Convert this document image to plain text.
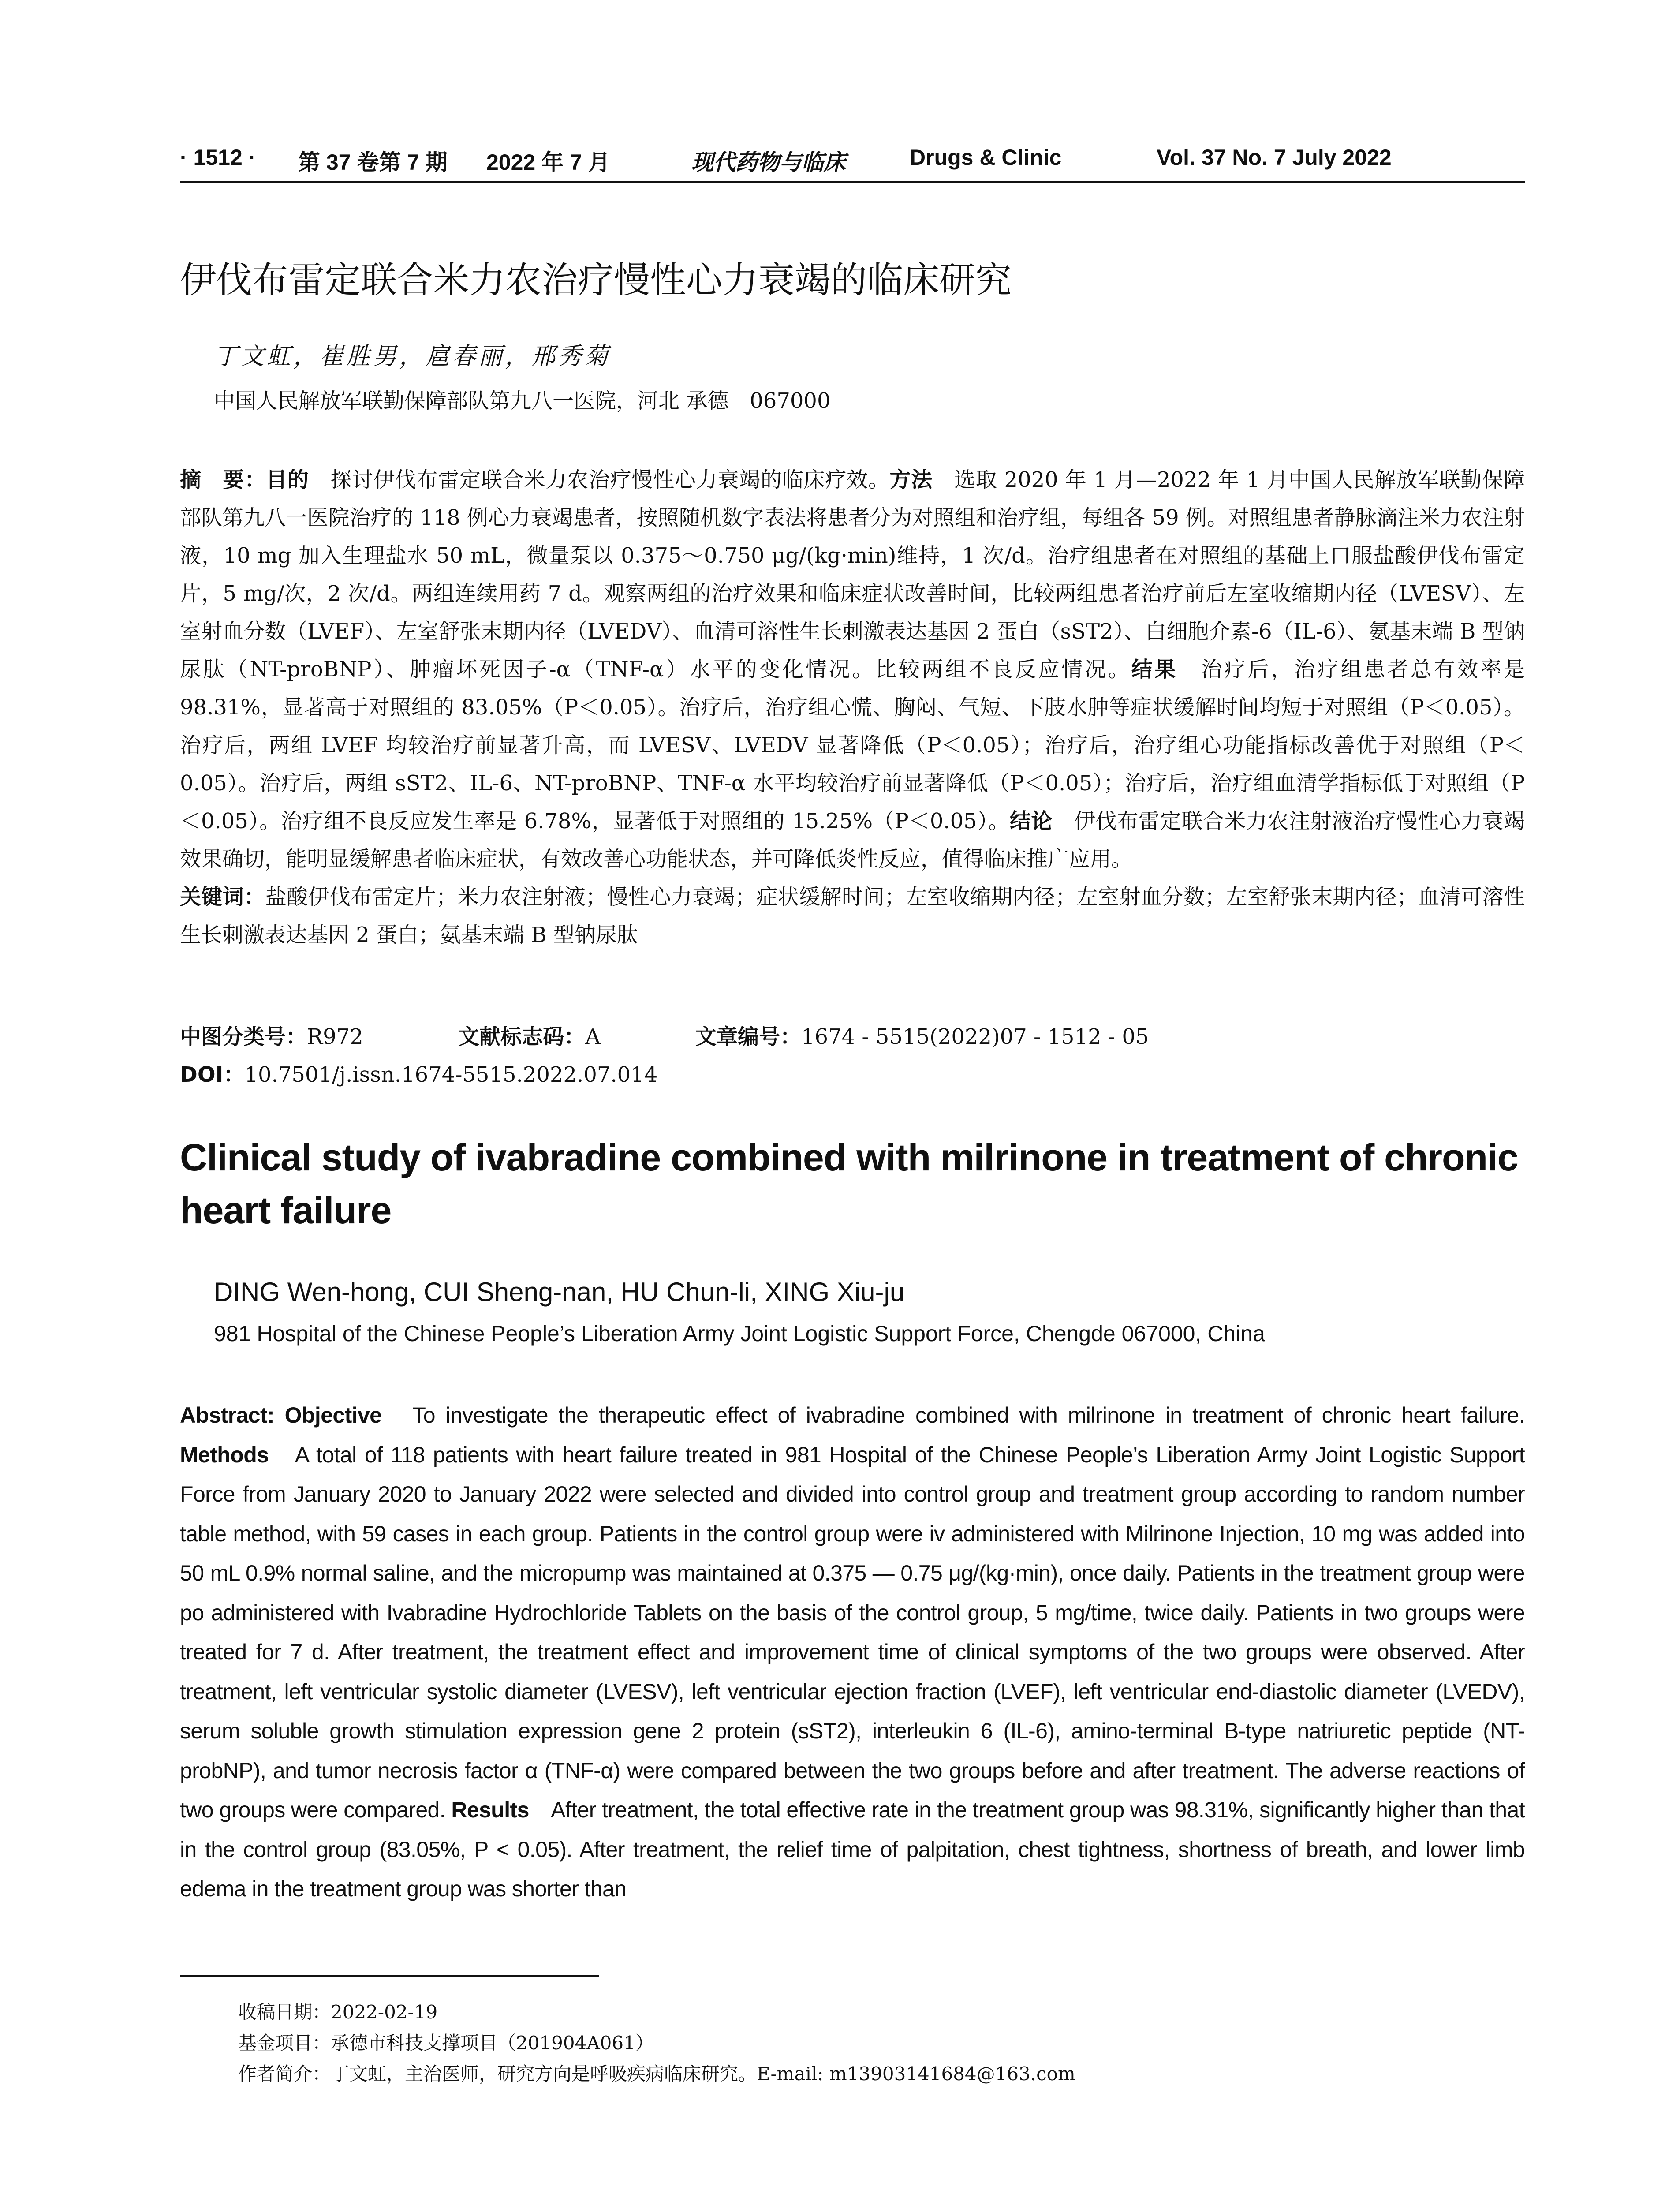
· 1512 · 第 37 卷第 7 期 2022 年 7 月	现代药物与临床	Drugs & Clinic	Vol. 37 No. 7 July 2022
伊伐布雷定联合米力农治疗慢性心力衰竭的临床研究
丁文虹，崔胜男，扈春丽，邢秀菊
中国人民解放军联勤保障部队第九八一医院，河北 承德　067000
摘　要：目的　探讨伊伐布雷定联合米力农治疗慢性心力衰竭的临床疗效。方法　选取 2020 年 1 月—2022 年 1 月中国人民解放军联勤保障部队第九八一医院治疗的 118 例心力衰竭患者，按照随机数字表法将患者分为对照组和治疗组，每组各 59 例。对照组患者静脉滴注米力农注射液，10 mg 加入生理盐水 50 mL，微量泵以 0.375～0.750 μg/(kg·min)维持，1 次/d。治疗组患者在对照组的基础上口服盐酸伊伐布雷定片，5 mg/次，2 次/d。两组连续用药 7 d。观察两组的治疗效果和临床症状改善时间，比较两组患者治疗前后左室收缩期内径（LVESV）、左室射血分数（LVEF）、左室舒张末期内径（LVEDV）、血清可溶性生长刺激表达基因 2 蛋白（sST2）、白细胞介素-6（IL-6）、氨基末端 B 型钠尿肽（NT-proBNP）、肿瘤坏死因子-α（TNF-α）水平的变化情况。比较两组不良反应情况。结果　治疗后，治疗组患者总有效率是 98.31%，显著高于对照组的 83.05%（P＜0.05）。治疗后，治疗组心慌、胸闷、气短、下肢水肿等症状缓解时间均短于对照组（P＜0.05）。治疗后，两组 LVEF 均较治疗前显著升高，而 LVESV、LVEDV 显著降低（P＜0.05）；治疗后，治疗组心功能指标改善优于对照组（P＜0.05）。治疗后，两组 sST2、IL-6、NT-proBNP、TNF-α 水平均较治疗前显著降低（P＜0.05）；治疗后，治疗组血清学指标低于对照组（P＜0.05）。治疗组不良反应发生率是 6.78%，显著低于对照组的 15.25%（P＜0.05）。结论　伊伐布雷定联合米力农注射液治疗慢性心力衰竭效果确切，能明显缓解患者临床症状，有效改善心功能状态，并可降低炎性反应，值得临床推广应用。
关键词：盐酸伊伐布雷定片；米力农注射液；慢性心力衰竭；症状缓解时间；左室收缩期内径；左室射血分数；左室舒张末期内径；血清可溶性生长刺激表达基因 2 蛋白；氨基末端 B 型钠尿肽
中图分类号：R972	文献标志码：A	文章编号：1674 - 5515(2022)07 - 1512 - 05
DOI：10.7501/j.issn.1674-5515.2022.07.014
Clinical study of ivabradine combined with milrinone in treatment of chronic heart failure
DING Wen-hong, CUI Sheng-nan, HU Chun-li, XING Xiu-ju
981 Hospital of the Chinese People’s Liberation Army Joint Logistic Support Force, Chengde 067000, China
Abstract: Objective　To investigate the therapeutic effect of ivabradine combined with milrinone in treatment of chronic heart failure. Methods　A total of 118 patients with heart failure treated in 981 Hospital of the Chinese People’s Liberation Army Joint Logistic Support Force from January 2020 to January 2022 were selected and divided into control group and treatment group according to random number table method, with 59 cases in each group. Patients in the control group were iv administered with Milrinone Injection, 10 mg was added into 50 mL 0.9% normal saline, and the micropump was maintained at 0.375 — 0.75 μg/(kg·min), once daily. Patients in the treatment group were po administered with Ivabradine Hydrochloride Tablets on the basis of the control group, 5 mg/time, twice daily. Patients in two groups were treated for 7 d. After treatment, the treatment effect and improvement time of clinical symptoms of the two groups were observed. After treatment, left ventricular systolic diameter (LVESV), left ventricular ejection fraction (LVEF), left ventricular end-diastolic diameter (LVEDV), serum soluble growth stimulation expression gene 2 protein (sST2), interleukin 6 (IL-6), amino-terminal B-type natriuretic peptide (NT-probNP), and tumor necrosis factor α (TNF-α) were compared between the two groups before and after treatment. The adverse reactions of two groups were compared. Results　After treatment, the total effective rate in the treatment group was 98.31%, significantly higher than that in the control group (83.05%, P < 0.05). After treatment, the relief time of palpitation, chest tightness, shortness of breath, and lower limb edema in the treatment group was shorter than
收稿日期：2022-02-19
基金项目：承德市科技支撑项目（201904A061）
作者简介：丁文虹，主治医师，研究方向是呼吸疾病临床研究。E-mail: m13903141684@163.com
